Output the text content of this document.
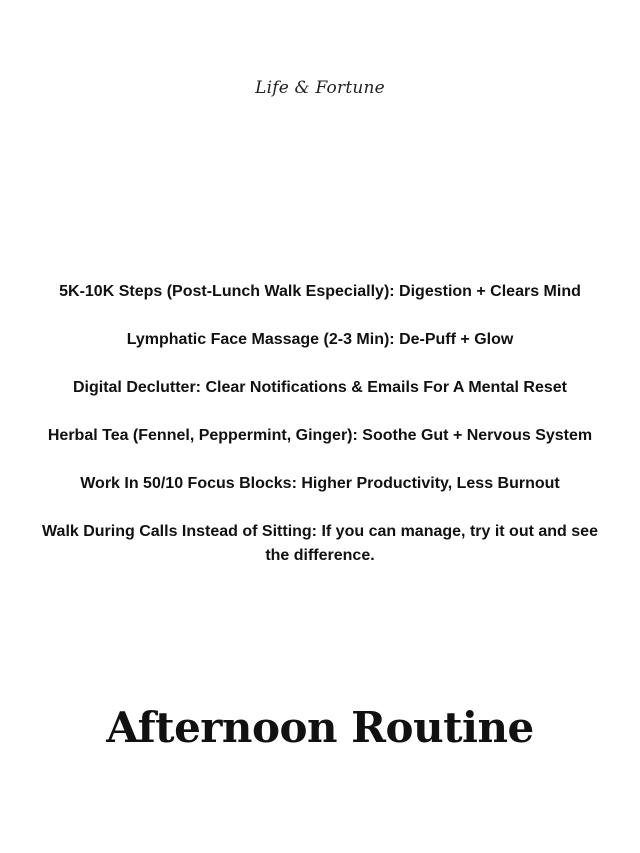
Life & Fortune
5K-10K Steps (Post-Lunch Walk Especially): Digestion + Clears Mind
Lymphatic Face Massage (2-3 Min): De-Puff + Glow
Digital Declutter: Clear Notifications & Emails For A Mental Reset
Herbal Tea (Fennel, Peppermint, Ginger): Soothe Gut + Nervous System
Work In 50/10 Focus Blocks: Higher Productivity, Less Burnout
Walk During Calls Instead of Sitting: If you can manage, try it out and see the difference.
Afternoon Routine
